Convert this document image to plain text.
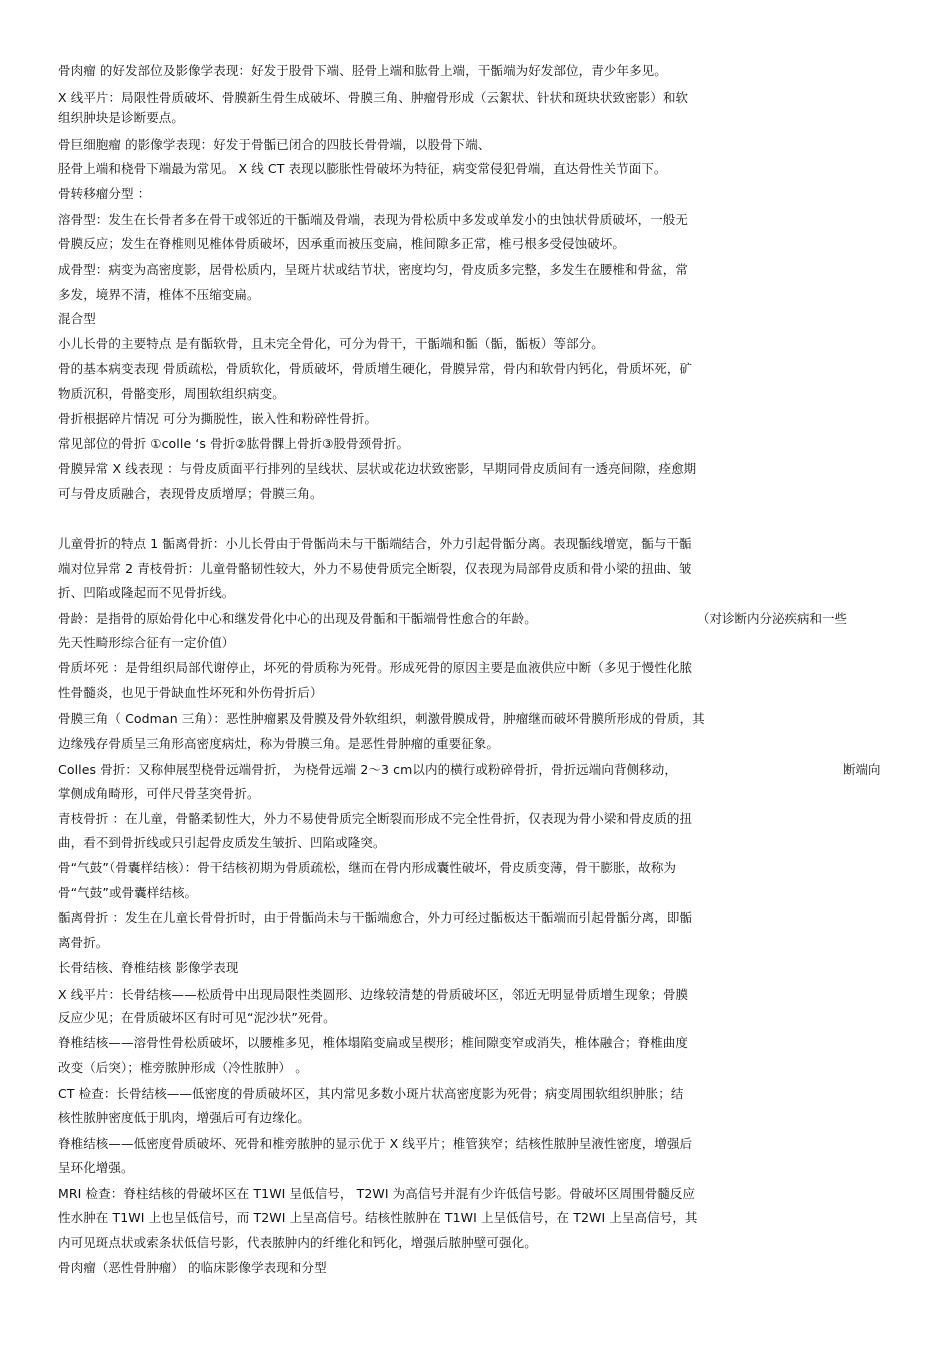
骨肉瘤 的好发部位及影像学表现：好发于股骨下端、胫骨上端和肱骨上端，干骺端为好发部位，青少年多见。
X 线平片：局限性骨质破坏、骨膜新生骨生成破坏、骨膜三角、肿瘤骨形成（云絮状、针状和斑块状致密影）和软
组织肿块是诊断要点。
骨巨细胞瘤 的影像学表现：好发于骨骺已闭合的四肢长骨骨端，以股骨下端、
胫骨上端和桡骨下端最为常见。 X 线 CT 表现以膨胀性骨破坏为特征，病变常侵犯骨端，直达骨性关节面下。
骨转移瘤分型 ：
溶骨型：发生在长骨者多在骨干或邻近的干骺端及骨端，表现为骨松质中多发或单发小的虫蚀状骨质破坏，一般无
骨膜反应；发生在脊椎则见椎体骨质破坏，因承重而被压变扁，椎间隙多正常，椎弓根多受侵蚀破坏。
成骨型：病变为高密度影，居骨松质内，呈斑片状或结节状，密度均匀，骨皮质多完整，多发生在腰椎和骨盆，常
多发，境界不清，椎体不压缩变扁。
混合型
小儿长骨的主要特点 是有骺软骨，且未完全骨化，可分为骨干，干骺端和骺（骺，骺板）等部分。
骨的基本病变表现 骨质疏松，骨质软化，骨质破坏，骨质增生硬化，骨膜异常，骨内和软骨内钙化，骨质坏死，矿
物质沉积，骨骼变形，周围软组织病变。
骨折根据碎片情况 可分为撕脱性，嵌入性和粉碎性骨折。
常见部位的骨折 ①colle ‘s 骨折②肱骨髁上骨折③股骨颈骨折。
骨膜异常 X 线表现 ：与骨皮质面平行排列的呈线状、层状或花边状致密影，早期同骨皮质间有一透亮间隙，痊愈期
可与骨皮质融合，表现骨皮质增厚；骨膜三角。
儿童骨折的特点 1 骺离骨折：小儿长骨由于骨骺尚未与干骺端结合，外力引起骨骺分离。表现骺线增宽，骺与干骺
端对位异常 2 青枝骨折：儿童骨骼韧性较大，外力不易使骨质完全断裂，仅表现为局部骨皮质和骨小梁的扭曲、皱
折、凹陷或隆起而不见骨折线。
骨龄：是指骨的原始骨化中心和继发骨化中心的出现及骨骺和干骺端骨性愈合的年龄。	（对诊断内分泌疾病和一些
先天性畸形综合征有一定价值）
骨质坏死 ：是骨组织局部代谢停止，坏死的骨质称为死骨。形成死骨的原因主要是血液供应中断（多见于慢性化脓
性骨髓炎，也见于骨缺血性坏死和外伤骨折后）
骨膜三角（ Codman 三角）：恶性肿瘤累及骨膜及骨外软组织，刺激骨膜成骨，肿瘤继而破坏骨膜所形成的骨质，其
边缘残存骨质呈三角形高密度病灶，称为骨膜三角。是恶性骨肿瘤的重要征象。
Colles 骨折：又称伸展型桡骨远端骨折， 为桡骨远端 2～3 cm以内的横行或粉碎骨折，骨折远端向背侧移动，	断端向
掌侧成角畸形，可伴尺骨茎突骨折。
青枝骨折 ：在儿童，骨骼柔韧性大，外力不易使骨质完全断裂而形成不完全性骨折，仅表现为骨小梁和骨皮质的扭
曲，看不到骨折线或只引起骨皮质发生皱折、凹陷或隆突。
骨“气鼓”（骨囊样结核）：骨干结核初期为骨质疏松，继而在骨内形成囊性破坏，骨皮质变薄，骨干膨胀，故称为
骨“气鼓”或骨囊样结核。
骺离骨折 ：发生在儿童长骨骨折时，由于骨骺尚未与干骺端愈合，外力可经过骺板达干骺端而引起骨骺分离，即骺
离骨折。
长骨结核、脊椎结核 影像学表现
X 线平片：长骨结核——松质骨中出现局限性类圆形、边缘较清楚的骨质破坏区，邻近无明显骨质增生现象；骨膜
反应少见；在骨质破坏区有时可见“泥沙状”死骨。
脊椎结核——溶骨性骨松质破坏，以腰椎多见，椎体塌陷变扁或呈楔形；椎间隙变窄或消失，椎体融合；脊椎曲度
改变（后突）；椎旁脓肿形成（冷性脓肿） 。
CT 检查：长骨结核——低密度的骨质破坏区，其内常见多数小斑片状高密度影为死骨；病变周围软组织肿胀；结
核性脓肿密度低于肌肉，增强后可有边缘化。
脊椎结核——低密度骨质破坏、死骨和椎旁脓肿的显示优于 X 线平片；椎管狭窄；结核性脓肿呈液性密度，增强后
呈环化增强。
MRI 检查：脊柱结核的骨破坏区在 T1WI 呈低信号， T2WI 为高信号并混有少许低信号影。骨破坏区周围骨髓反应
性水肿在 T1WI 上也呈低信号，而 T2WI 上呈高信号。结核性脓肿在 T1WI 上呈低信号，在 T2WI 上呈高信号，其
内可见斑点状或索条状低信号影，代表脓肿内的纤维化和钙化，增强后脓肿壁可强化。
骨肉瘤（恶性骨肿瘤） 的临床影像学表现和分型
